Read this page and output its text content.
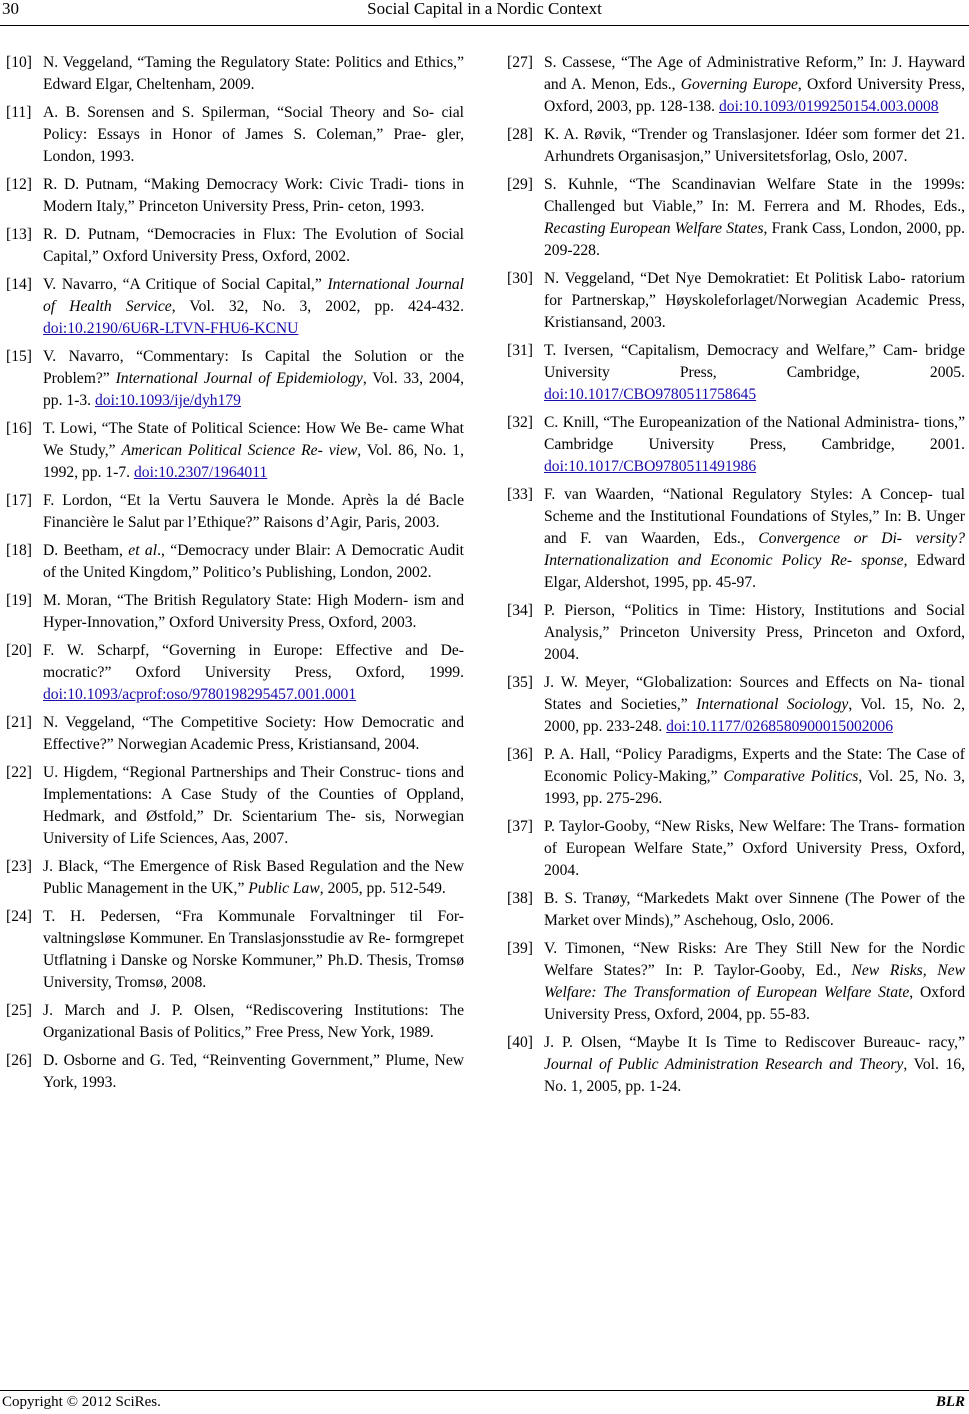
30	Social Capital in a Nordic Context
[10] N. Veggeland, “Taming the Regulatory State: Politics and Ethics,” Edward Elgar, Cheltenham, 2009.
[11] A. B. Sorensen and S. Spilerman, “Social Theory and So- cial Policy: Essays in Honor of James S. Coleman,” Prae- gler, London, 1993.
[12] R. D. Putnam, “Making Democracy Work: Civic Tradi- tions in Modern Italy,” Princeton University Press, Prin- ceton, 1993.
[13] R. D. Putnam, “Democracies in Flux: The Evolution of Social Capital,” Oxford University Press, Oxford, 2002.
[14] V. Navarro, “A Critique of Social Capital,” International Journal of Health Service, Vol. 32, No. 3, 2002, pp. 424-432. doi:10.2190/6U6R-LTVN-FHU6-KCNU
[15] V. Navarro, “Commentary: Is Capital the Solution or the Problem?” International Journal of Epidemiology, Vol. 33, 2004, pp. 1-3. doi:10.1093/ije/dyh179
[16] T. Lowi, “The State of Political Science: How We Be- came What We Study,” American Political Science Re- view, Vol. 86, No. 1, 1992, pp. 1-7. doi:10.2307/1964011
[17] F. Lordon, “Et la Vertu Sauvera le Monde. Après la dé Bacle Financière le Salut par l’Ethique?” Raisons d’Agir, Paris, 2003.
[18] D. Beetham, et al., “Democracy under Blair: A Democratic Audit of the United Kingdom,” Politico’s Publishing, London, 2002.
[19] M. Moran, “The British Regulatory State: High Modern- ism and Hyper-Innovation,” Oxford University Press, Oxford, 2003.
[20] F. W. Scharpf, “Governing in Europe: Effective and De- mocratic?” Oxford University Press, Oxford, 1999. doi:10.1093/acprof:oso/9780198295457.001.0001
[21] N. Veggeland, “The Competitive Society: How Democratic and Effective?” Norwegian Academic Press, Kristiansand, 2004.
[22] U. Higdem, “Regional Partnerships and Their Construc- tions and Implementations: A Case Study of the Counties of Oppland, Hedmark, and Østfold,” Dr. Scientarium The- sis, Norwegian University of Life Sciences, Aas, 2007.
[23] J. Black, “The Emergence of Risk Based Regulation and the New Public Management in the UK,” Public Law, 2005, pp. 512-549.
[24] T. H. Pedersen, “Fra Kommunale Forvaltninger til For- valtningsløse Kommuner. En Translasjonsstudie av Re- formgrepet Utflatning i Danske og Norske Kommuner,” Ph.D. Thesis, Tromsø University, Tromsø, 2008.
[25] J. March and J. P. Olsen, “Rediscovering Institutions: The Organizational Basis of Politics,” Free Press, New York, 1989.
[26] D. Osborne and G. Ted, “Reinventing Government,” Plume, New York, 1993.
[27] S. Cassese, “The Age of Administrative Reform,” In: J. Hayward and A. Menon, Eds., Governing Europe, Oxford University Press, Oxford, 2003, pp. 128-138. doi:10.1093/0199250154.003.0008
[28] K. A. Røvik, “Trender og Translasjoner. Idéer som former det 21. Arhundrets Organisasjon,” Universitetsforlag, Oslo, 2007.
[29] S. Kuhnle, “The Scandinavian Welfare State in the 1999s: Challenged but Viable,” In: M. Ferrera and M. Rhodes, Eds., Recasting European Welfare States, Frank Cass, London, 2000, pp. 209-228.
[30] N. Veggeland, “Det Nye Demokratiet: Et Politisk Labo- ratorium for Partnerskap,” Høyskoleforlaget/Norwegian Academic Press, Kristiansand, 2003.
[31] T. Iversen, “Capitalism, Democracy and Welfare,” Cam- bridge University Press, Cambridge, 2005. doi:10.1017/CBO9780511758645
[32] C. Knill, “The Europeanization of the National Administra- tions,” Cambridge University Press, Cambridge, 2001. doi:10.1017/CBO9780511491986
[33] F. van Waarden, “National Regulatory Styles: A Concep- tual Scheme and the Institutional Foundations of Styles,” In: B. Unger and F. van Waarden, Eds., Convergence or Di- versity? Internationalization and Economic Policy Re- sponse, Edward Elgar, Aldershot, 1995, pp. 45-97.
[34] P. Pierson, “Politics in Time: History, Institutions and Social Analysis,” Princeton University Press, Princeton and Oxford, 2004.
[35] J. W. Meyer, “Globalization: Sources and Effects on Na- tional States and Societies,” International Sociology, Vol. 15, No. 2, 2000, pp. 233-248. doi:10.1177/0268580900015002006
[36] P. A. Hall, “Policy Paradigms, Experts and the State: The Case of Economic Policy-Making,” Comparative Politics, Vol. 25, No. 3, 1993, pp. 275-296.
[37] P. Taylor-Gooby, “New Risks, New Welfare: The Trans- formation of European Welfare State,” Oxford University Press, Oxford, 2004.
[38] B. S. Tranøy, “Markedets Makt over Sinnene (The Power of the Market over Minds),” Aschehoug, Oslo, 2006.
[39] V. Timonen, “New Risks: Are They Still New for the Nordic Welfare States?” In: P. Taylor-Gooby, Ed., New Risks, New Welfare: The Transformation of European Welfare State, Oxford University Press, Oxford, 2004, pp. 55-83.
[40] J. P. Olsen, “Maybe It Is Time to Rediscover Bureauc- racy,” Journal of Public Administration Research and Theory, Vol. 16, No. 1, 2005, pp. 1-24.
Copyright © 2012 SciRes.	BLR
